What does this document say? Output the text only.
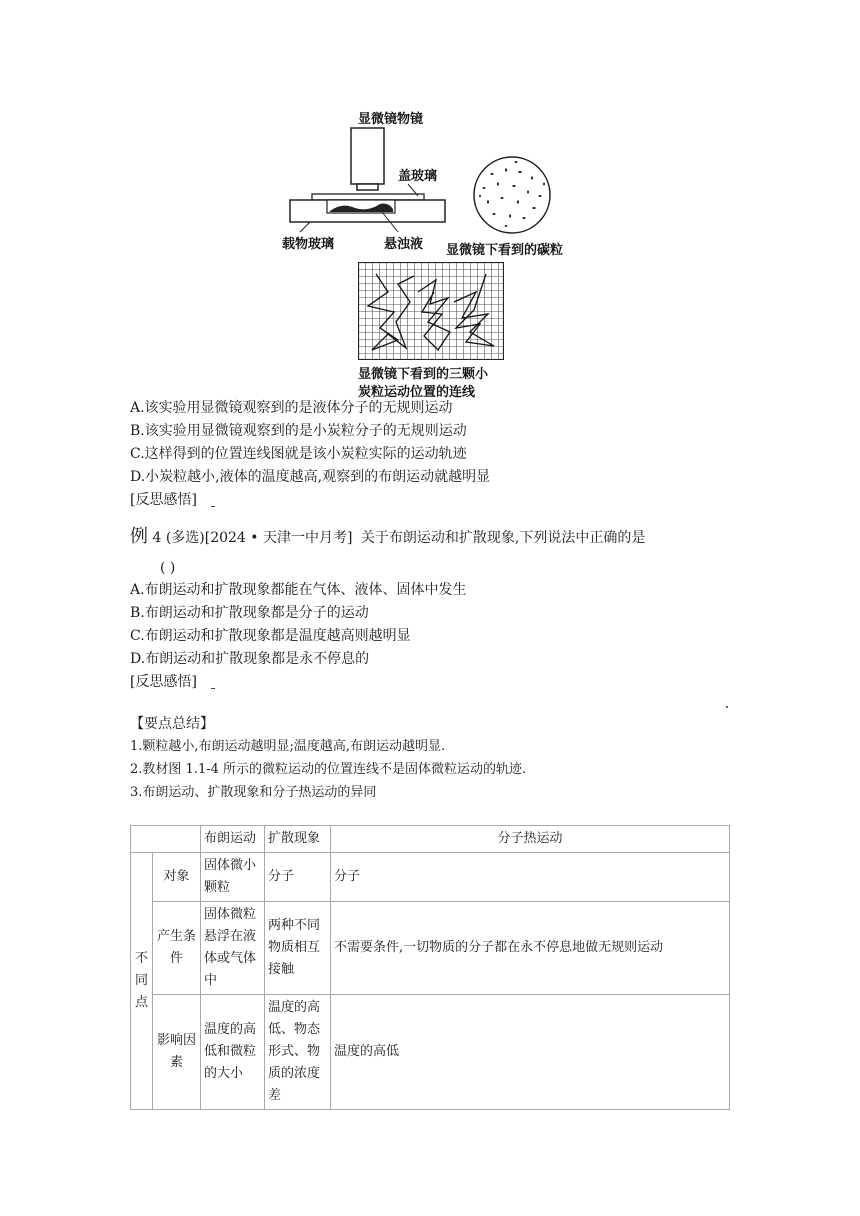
显微镜物镜
盖玻璃
载物玻璃	悬浊液 显微镜下看到的碳粒
显微镜下看到的三颗小
炭粒运动位置的连线
A.该实验用显微镜观察到的是液体分子的无规则运动
B.该实验用显微镜观察到的是小炭粒分子的无规则运动
C.这样得到的位置连线图就是该小炭粒实际的运动轨迹
D.小炭粒越小,液体的温度越高,观察到的布朗运动就越明显
[反思感悟]
例 4 (多选)[2024 • 天津一中月考] 关于布朗运动和扩散现象,下列说法中正确的是
( )
A.布朗运动和扩散现象都能在气体、液体、固体中发生
B.布朗运动和扩散现象都是分子的运动
C.布朗运动和扩散现象都是温度越高则越明显
D.布朗运动和扩散现象都是永不停息的
[反思感悟]
【要点总结】
1.颗粒越小,布朗运动越明显;温度越高,布朗运动越明显.
2.教材图 1.1-4 所示的微粒运动的位置连线不是固体微粒运动的轨迹.
3.布朗运动、扩散现象和分子热运动的异同
		布朗运动	扩散现象	分子热运动
不同点	对象	固体微小颗粒	分子	分子
	产生条件	固体微粒悬浮在液体或气体中	两种不同物质相互接触	不需要条件,一切物质的分子都在永不停息地做无规则运动
	影响因素	温度的高低和微粒的大小	温度的高低、物态形式、物质的浓度差	温度的高低
